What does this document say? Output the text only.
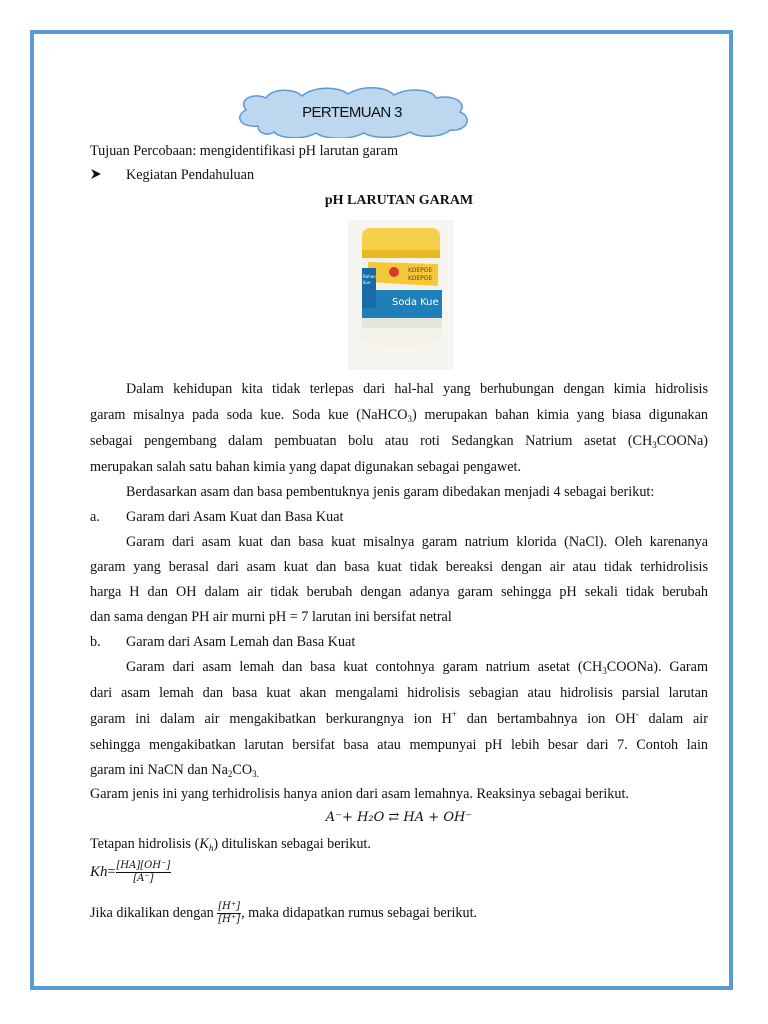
PERTEMUAN 3
Tujuan Percobaan: mengidentifikasi pH larutan garam
Kegiatan Pendahuluan
pH LARUTAN GARAM
KOEPOE
KOEPOE
Soda Kue
Bahan
Kue
Dalam kehidupan kita tidak terlepas dari hal-hal yang berhubungan dengan kimia hidrolisis
garam misalnya pada soda kue. Soda kue (NaHCO$_3$) merupakan bahan kimia yang biasa digunakan
sebagai pengembang dalam pembuatan bolu atau roti Sedangkan Natrium asetat $(CH_3COONa)$
merupakan salah satu bahan kimia yang dapat digunakan sebagai pengawet.
Berdasarkan asam dan basa pembentuknya jenis garam dibedakan menjadi 4 sebagai berikut:
a. Garam dari Asam Kuat dan Basa Kuat
Garam dari asam kuat dan basa kuat misalnya garam natrium klorida (NaCl). Oleh karenanya
garam yang berasal dari asam kuat dan basa kuat tidak bereaksi dengan air atau tidak terhidrolisis
harga H dan OH dalam air tidak berubah dengan adanya garam sehingga pH sekali tidak berubah
dan sama dengan PH air murni pH = 7 larutan ini bersifat netral
b. Garam dari Asam Lemah dan Basa Kuat
Garam dari asam lemah dan basa kuat contohnya garam natrium asetat $(CH_3COONa)$. Garam
dari asam lemah dan basa kuat akan mengalami hidrolisis sebagian atau hidrolisis parsial larutan
garam ini dalam air mengakibatkan berkurangnya ion H+ dan bertambahnya ion OH- dalam air
sehingga mengakibatkan larutan bersifat basa atau mempunyai pH lebih besar dari 7. Contoh lain
garam ini NaCN dan $Na_2CO_{3.}$
Garam jenis ini yang terhidrolisis hanya anion dari asam lemahnya. Reaksinya sebagai berikut.
A⁻+ H₂O ⇄ HA + OH⁻
Tetapan hidrolisis $(K_h)$ dituliskan sebagai berikut.
$Kh= \frac{[HA][OH^-]}{[A^-]}$
Jika dikalikan dengan $\frac{[H^+]}{[H^+]}$ , maka didapatkan rumus sebagai berikut.
